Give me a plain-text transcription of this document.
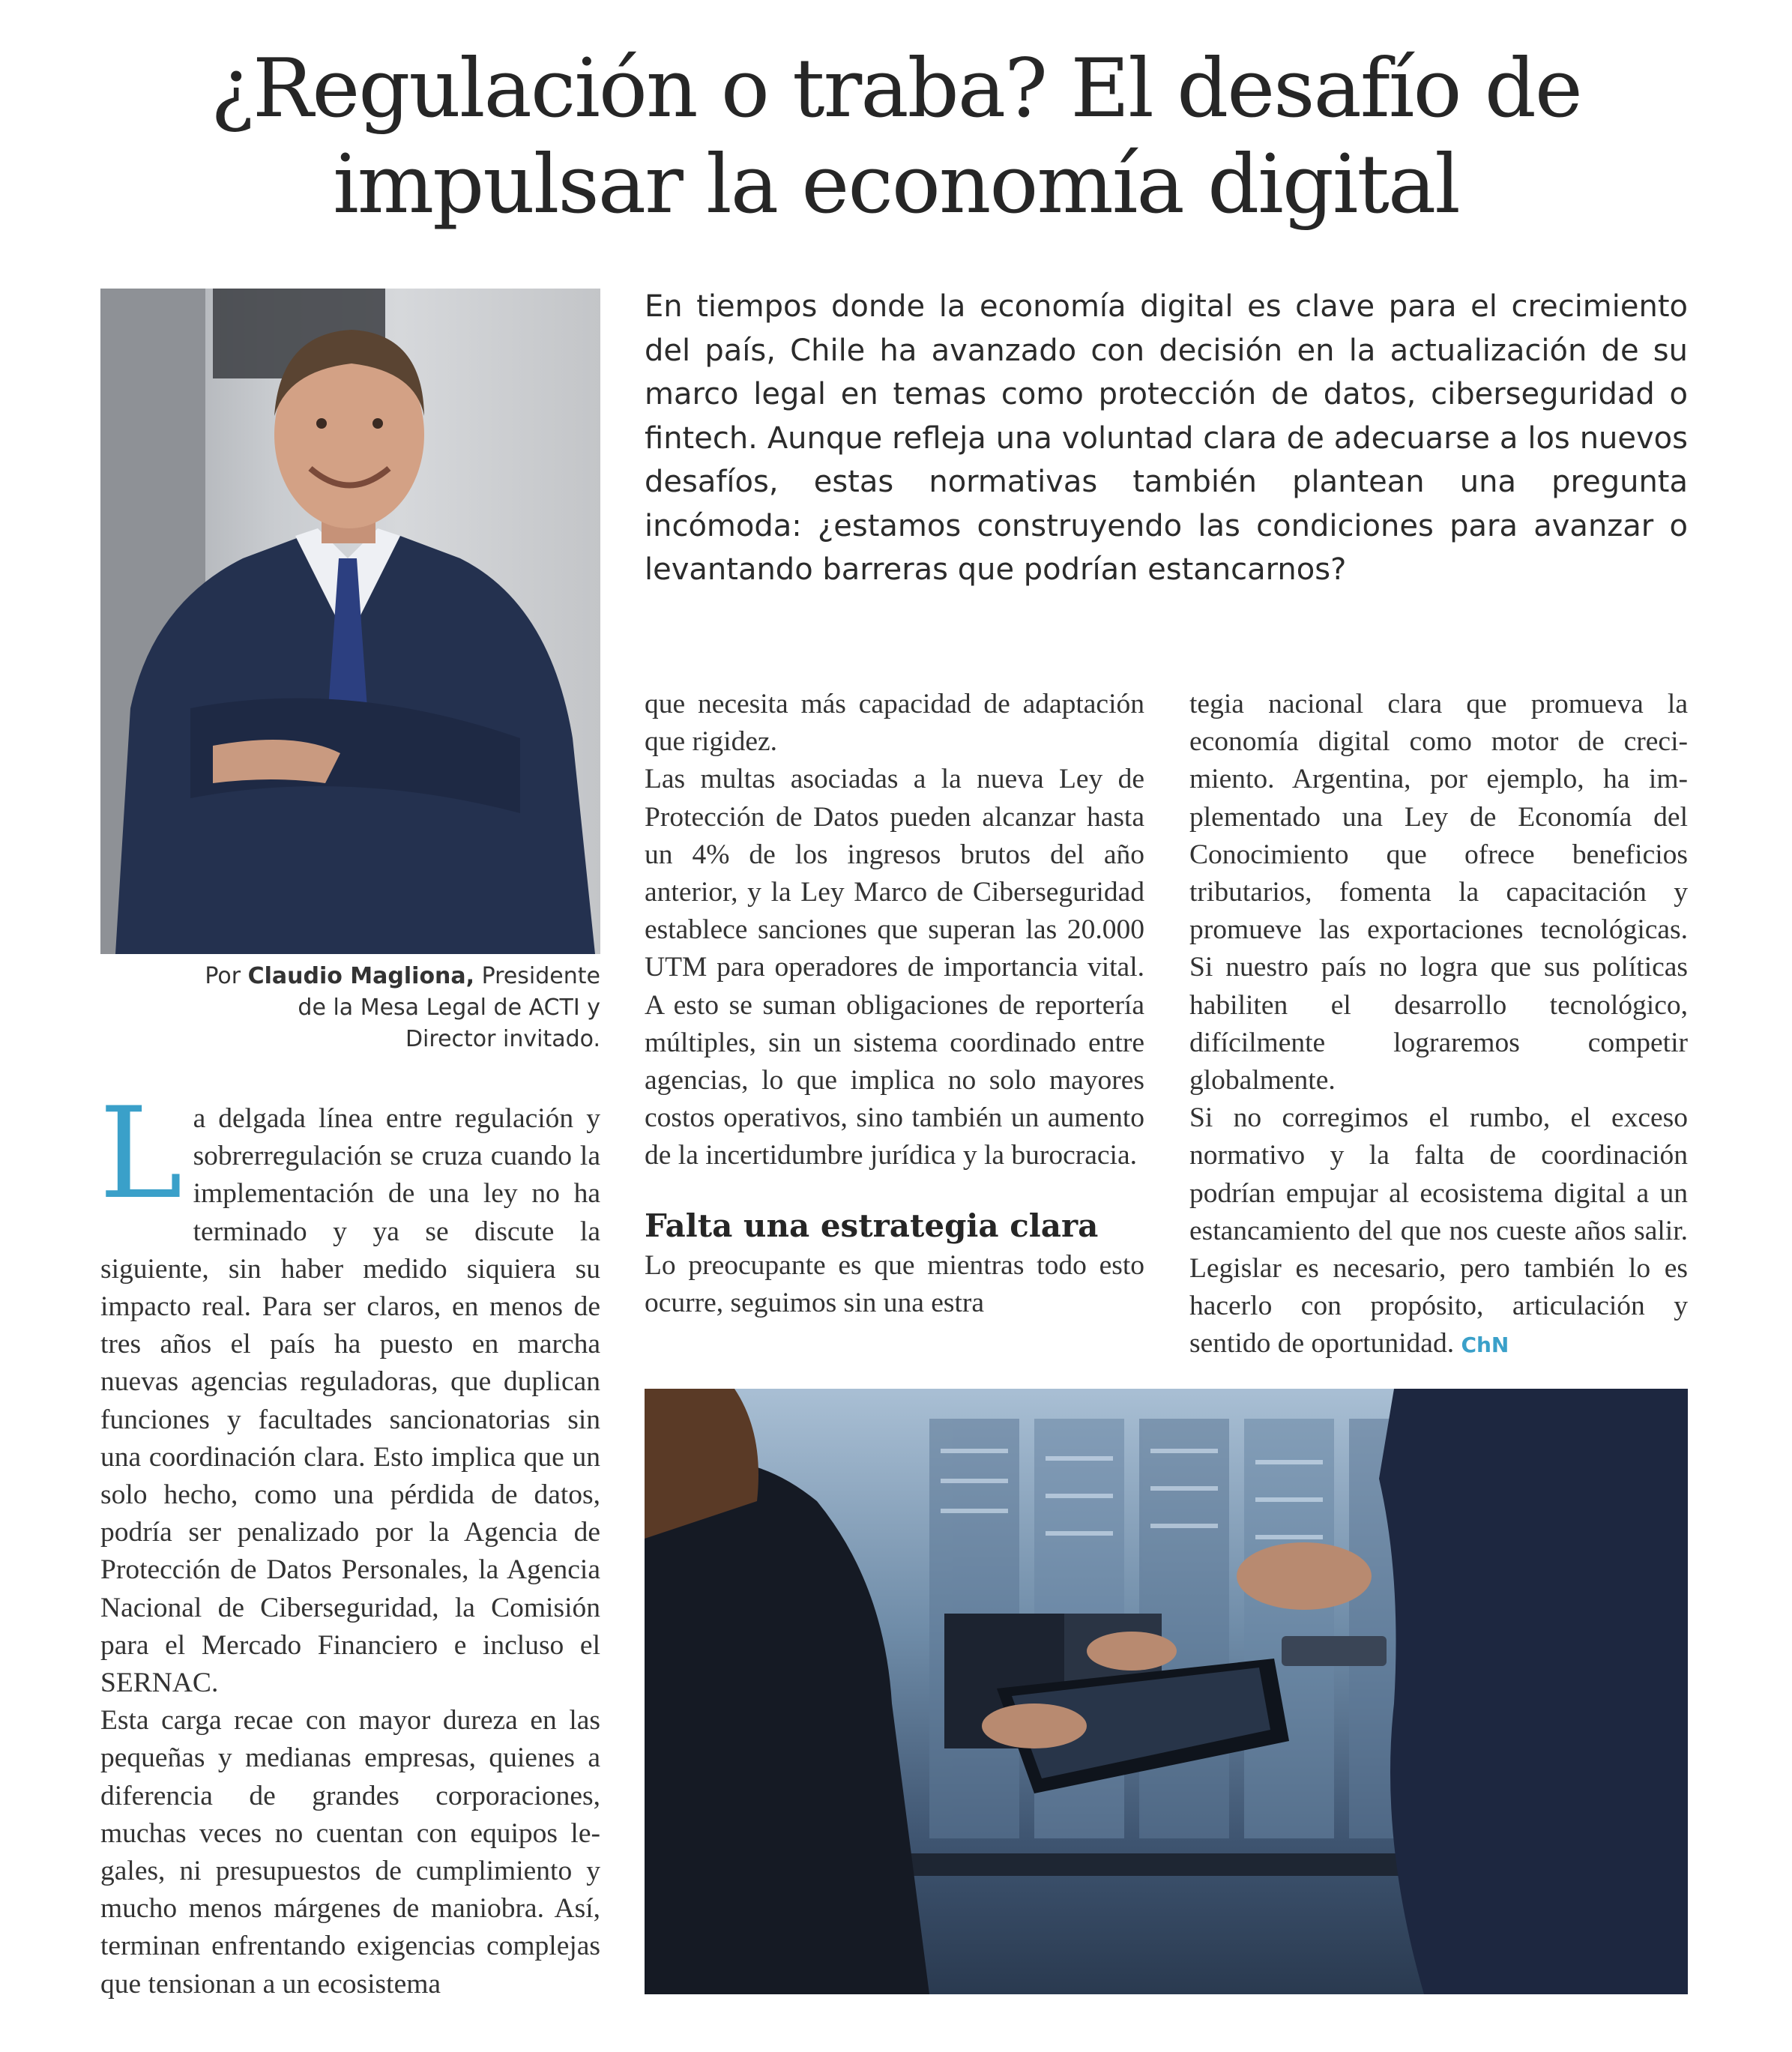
¿Regulación o traba? El desafío de
impulsar la economía digital
Por Claudio Magliona, Presidente
de la Mesa Legal de ACTI y
Director invitado.
En tiempos donde la economía digital es clave para el crecimiento del país, Chile ha avanzado con decisión en la actualización de su marco legal en temas como protección de datos, ciberseguridad o fintech. Aunque refleja una voluntad clara de adecuarse a los nuevos desafíos, estas normativas también plantean una pregunta incómoda: ¿estamos construyendo las condiciones para avanzar o levantando barreras que podrían estancarnos?

La delgada línea entre regulación y sobrerregulación se cruza cuando la implementación de una ley no ha terminado y ya se discute la siguiente, sin haber medido siquiera su impacto real. Para ser claros, en menos de tres años el país ha puesto en marcha nuevas agencias reguladoras, que duplican funciones y facultades sancionatorias sin una coordinación clara. Esto implica que un solo hecho, como una pérdida de datos, podría ser penalizado por la Agencia de Protección de Datos Personales, la Agencia Nacional de Ciberseguridad, la Comisión para el Mercado Financiero e incluso el SERNAC.

Esta carga recae con mayor dureza en las pequeñas y medianas empresas, quienes a diferencia de grandes corporaciones, muchas veces no cuentan con equipos legales, ni presupuestos de cumplimiento y mucho menos márgenes de maniobra. Así, terminan enfrentando exigencias complejas que tensionan a un ecosistema

que necesita más capacidad de adaptación que rigidez.

Las multas asociadas a la nueva Ley de Protección de Datos pueden alcanzar hasta un 4% de los ingresos brutos del año anterior, y la Ley Marco de Ciberseguridad establece sanciones que superan las 20.000 UTM para operadores de importancia vital. A esto se suman obligaciones de reportería múltiples, sin un sistema coordinado entre agencias, lo que implica no solo mayores costos operativos, sino también un aumento de la incertidumbre jurídica y la burocracia.

Falta una estrategia clara

Lo preocupante es que mientras todo esto ocurre, seguimos sin una estra

tegia nacional clara que promueva la economía digital como motor de crecimiento. Argentina, por ejemplo, ha implementado una Ley de Economía del Conocimiento que ofrece beneficios tributarios, fomenta la capacitación y promueve las exportaciones tecnológicas. Si nuestro país no logra que sus políticas habiliten el desarrollo tecnológico, difícilmente lograremos competir globalmente.

Si no corregimos el rumbo, el exceso normativo y la falta de coordinación podrían empujar al ecosistema digital a un estancamiento del que nos cueste años salir. Legislar es necesario, pero también lo es hacerlo con propósito, articulación y sentido de oportunidad. ChN
